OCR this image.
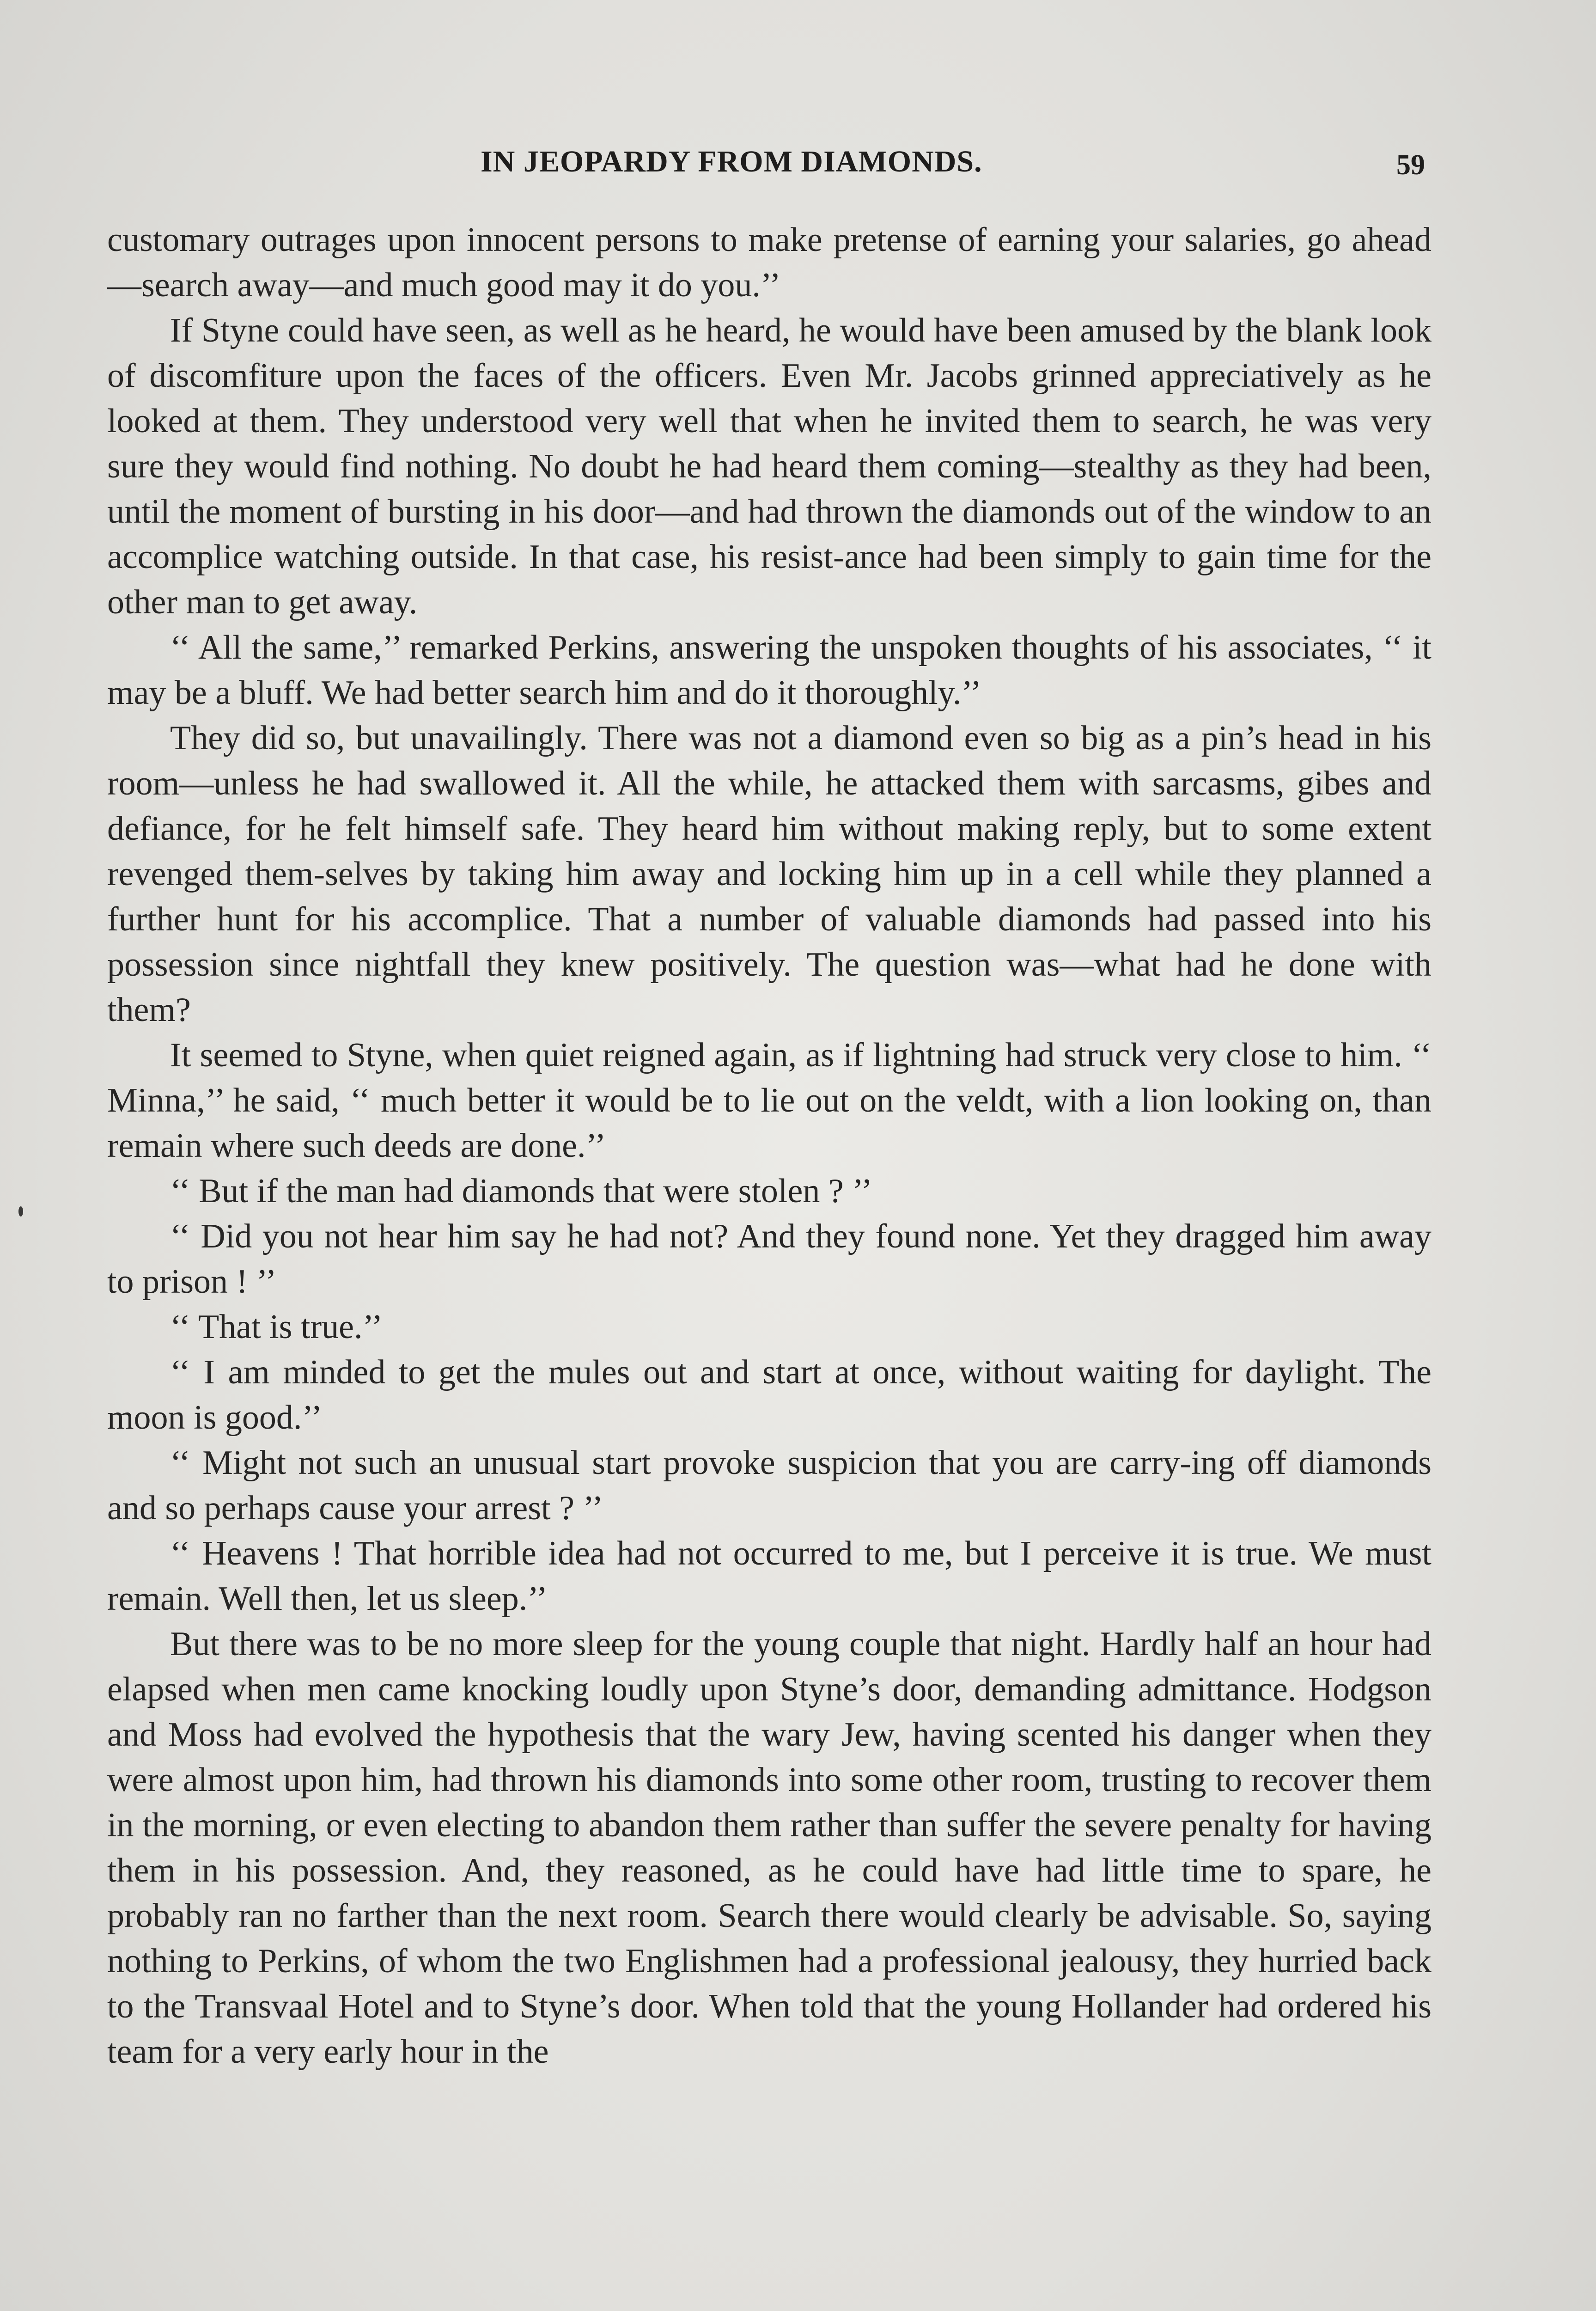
IN JEOPARDY FROM DIAMONDS.	59

customary outrages upon innocent persons to make pretense of earning your salaries, go ahead—search away—and much good may it do you.’’

If Styne could have seen, as well as he heard, he would have been amused by the blank look of discomfiture upon the faces of the officers. Even Mr. Jacobs grinned appreciatively as he looked at them. They understood very well that when he invited them to search, he was very sure they would find nothing. No doubt he had heard them coming—stealthy as they had been, until the moment of bursting in his door—and had thrown the diamonds out of the window to an accomplice watching outside. In that case, his resist-ance had been simply to gain time for the other man to get away.

‘‘ All the same,’’ remarked Perkins, answering the unspoken thoughts of his associates, ‘‘ it may be a bluff. We had better search him and do it thoroughly.’’

They did so, but unavailingly. There was not a diamond even so big as a pin’s head in his room—unless he had swallowed it. All the while, he attacked them with sarcasms, gibes and defiance, for he felt himself safe. They heard him without making reply, but to some extent revenged them-selves by taking him away and locking him up in a cell while they planned a further hunt for his accomplice. That a number of valuable diamonds had passed into his possession since nightfall they knew positively. The question was—what had he done with them?

It seemed to Styne, when quiet reigned again, as if lightning had struck very close to him. ‘‘ Minna,’’ he said, ‘‘ much better it would be to lie out on the veldt, with a lion looking on, than remain where such deeds are done.’’

‘‘ But if the man had diamonds that were stolen ? ’’

‘‘ Did you not hear him say he had not? And they found none. Yet they dragged him away to prison ! ’’

‘‘ That is true.’’

‘‘ I am minded to get the mules out and start at once, without waiting for daylight. The moon is good.’’

‘‘ Might not such an unusual start provoke suspicion that you are carry-ing off diamonds and so perhaps cause your arrest ? ’’

‘‘ Heavens ! That horrible idea had not occurred to me, but I perceive it is true. We must remain. Well then, let us sleep.’’

But there was to be no more sleep for the young couple that night. Hardly half an hour had elapsed when men came knocking loudly upon Styne’s door, demanding admittance. Hodgson and Moss had evolved the hypothesis that the wary Jew, having scented his danger when they were almost upon him, had thrown his diamonds into some other room, trusting to recover them in the morning, or even electing to abandon them rather than suffer the severe penalty for having them in his possession. And, they reasoned, as he could have had little time to spare, he probably ran no farther than the next room. Search there would clearly be advisable. So, saying nothing to Perkins, of whom the two Englishmen had a professional jealousy, they hurried back to the Transvaal Hotel and to Styne’s door. When told that the young Hollander had ordered his team for a very early hour in the
